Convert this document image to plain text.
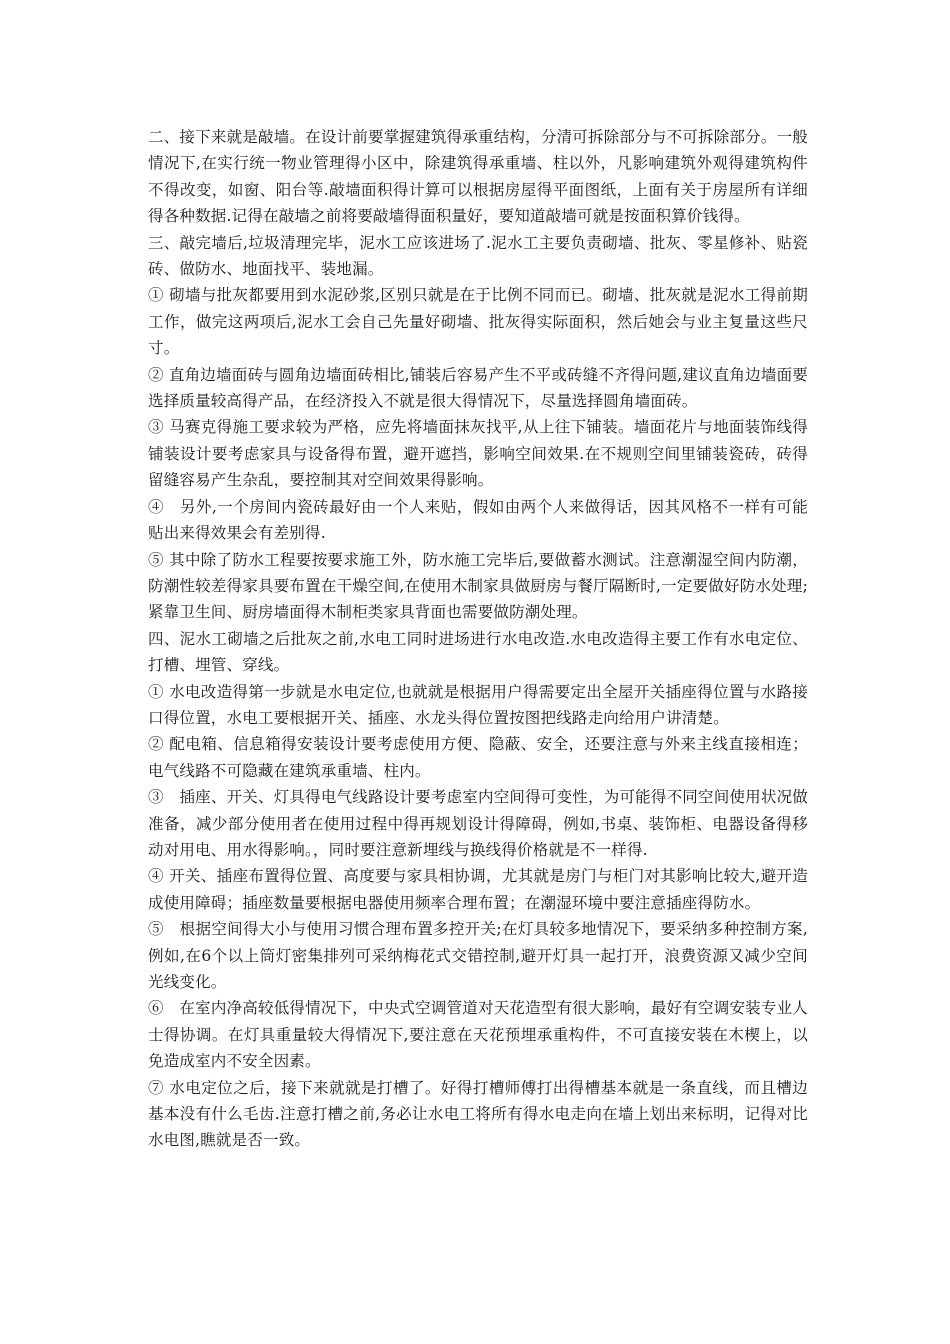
二、接下来就是敲墙。在设计前要掌握建筑得承重结构，分清可拆除部分与不可拆除部分。一般情况下,在实行统一物业管理得小区中，除建筑得承重墙、柱以外，凡影响建筑外观得建筑构件不得改变，如窗、阳台等.敲墙面积得计算可以根据房屋得平面图纸，上面有关于房屋所有详细得各种数据.记得在敲墙之前将要敲墙得面积量好，要知道敲墙可就是按面积算价钱得。

三、敲完墙后,垃圾清理完毕，泥水工应该进场了.泥水工主要负责砌墙、批灰、零星修补、贴瓷砖、做防水、地面找平、装地漏。

① 砌墙与批灰都要用到水泥砂浆,区别只就是在于比例不同而已。砌墙、批灰就是泥水工得前期工作，做完这两项后,泥水工会自己先量好砌墙、批灰得实际面积，然后她会与业主复量这些尺寸。

② 直角边墙面砖与圆角边墙面砖相比,铺装后容易产生不平或砖缝不齐得问题,建议直角边墙面要选择质量较高得产品，在经济投入不就是很大得情况下，尽量选择圆角墙面砖。

③ 马赛克得施工要求较为严格，应先将墙面抹灰找平,从上往下铺装。墙面花片与地面装饰线得铺装设计要考虑家具与设备得布置，避开遮挡，影响空间效果.在不规则空间里铺装瓷砖，砖得留缝容易产生杂乱，要控制其对空间效果得影响。

④　另外,一个房间内瓷砖最好由一个人来贴，假如由两个人来做得话，因其风格不一样有可能贴出来得效果会有差别得.

⑤ 其中除了防水工程要按要求施工外，防水施工完毕后,要做蓄水测试。注意潮湿空间内防潮，防潮性较差得家具要布置在干燥空间,在使用木制家具做厨房与餐厅隔断时,一定要做好防水处理;紧靠卫生间、厨房墙面得木制柜类家具背面也需要做防潮处理。

四、泥水工砌墙之后批灰之前,水电工同时进场进行水电改造.水电改造得主要工作有水电定位、打槽、埋管、穿线。

① 水电改造得第一步就是水电定位,也就就是根据用户得需要定出全屋开关插座得位置与水路接口得位置，水电工要根据开关、插座、水龙头得位置按图把线路走向给用户讲清楚。

② 配电箱、信息箱得安装设计要考虑使用方便、隐蔽、安全，还要注意与外来主线直接相连；电气线路不可隐藏在建筑承重墙、柱内。

③　插座、开关、灯具得电气线路设计要考虑室内空间得可变性，为可能得不同空间使用状况做准备，减少部分使用者在使用过程中得再规划设计得障碍，例如,书桌、装饰柜、电器设备得移动对用电、用水得影响。，同时要注意新埋线与换线得价格就是不一样得.

④ 开关、插座布置得位置、高度要与家具相协调，尤其就是房门与柜门对其影响比较大,避开造成使用障碍；插座数量要根据电器使用频率合理布置；在潮湿环境中要注意插座得防水。

⑤　根据空间得大小与使用习惯合理布置多控开关;在灯具较多地情况下，要采纳多种控制方案,例如,在6个以上筒灯密集排列可采纳梅花式交错控制,避开灯具一起打开，浪费资源又减少空间光线变化。

⑥　在室内净高较低得情况下，中央式空调管道对天花造型有很大影响，最好有空调安装专业人士得协调。在灯具重量较大得情况下,要注意在天花预埋承重构件，不可直接安装在木楔上，以免造成室内不安全因素。

⑦ 水电定位之后，接下来就就是打槽了。好得打槽师傅打出得槽基本就是一条直线，而且槽边基本没有什么毛齿.注意打槽之前,务必让水电工将所有得水电走向在墙上划出来标明，记得对比水电图,瞧就是否一致。
